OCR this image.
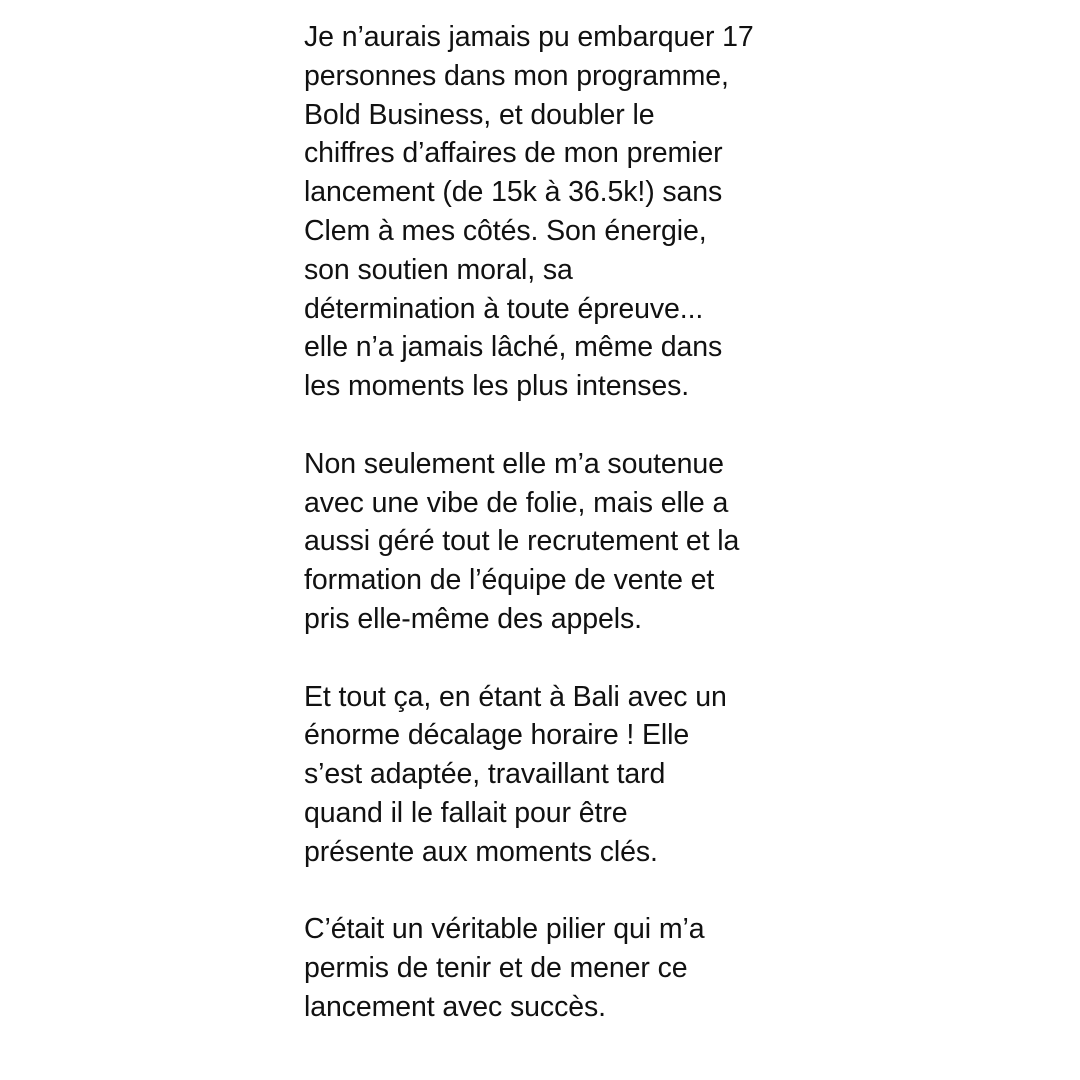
Je n’aurais jamais pu embarquer 17
personnes dans mon programme,
Bold Business, et doubler le
chiffres d’affaires de mon premier
lancement (de 15k à 36.5k!) sans
Clem à mes côtés. Son énergie,
son soutien moral, sa
détermination à toute épreuve...
elle n’a jamais lâché, même dans
les moments les plus intenses.

Non seulement elle m’a soutenue
avec une vibe de folie, mais elle a
aussi géré tout le recrutement et la
formation de l’équipe de vente et
pris elle-même des appels.

Et tout ça, en étant à Bali avec un
énorme décalage horaire ! Elle
s’est adaptée, travaillant tard
quand il le fallait pour être
présente aux moments clés.

C’était un véritable pilier qui m’a
permis de tenir et de mener ce
lancement avec succès.
